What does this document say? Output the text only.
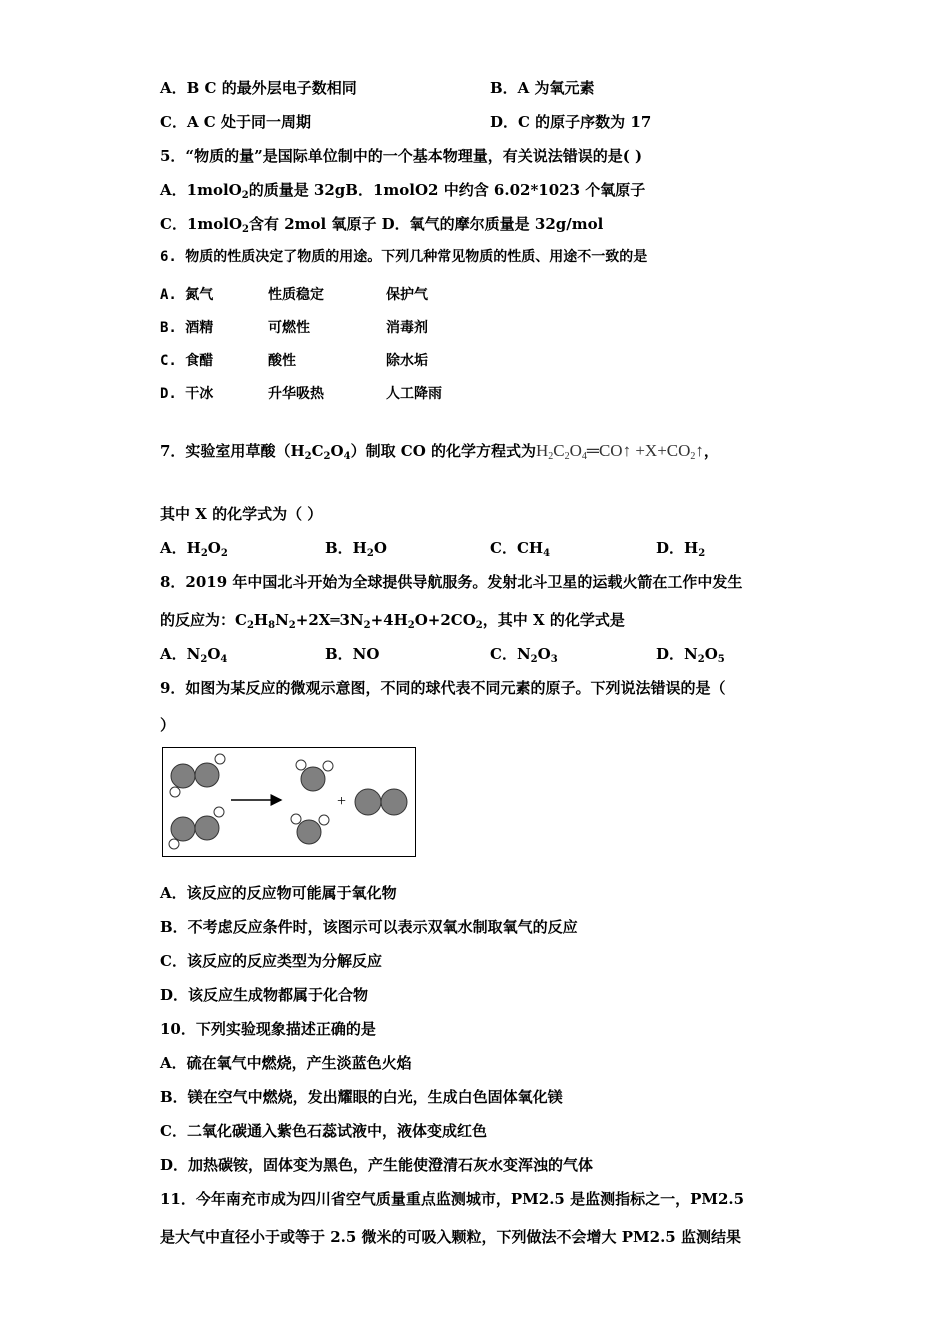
A．B C 的最外层电子数相同	B．A 为氧元素
C．A C 处于同一周期	D．C 的原子序数为 17
5．“物质的量”是国际单位制中的一个基本物理量，有关说法错误的是( )
A．1molO$_2$的质量是 32gB．1molO2 中约含 6.02*1023 个氧原子
C．1molO$_2$含有 2mol 氧原子 D．氧气的摩尔质量是 32g/mol
6. 物质的性质决定了物质的用途。下列几种常见物质的性质、用途不一致的是
A. 氮气	性质稳定	保护气
B. 酒精	可燃性	消毒剂
C. 食醋	酸性	除水垢
D. 干冰	升华吸热	人工降雨
7．实验室用草酸$(H_2C_2O_4)$制取 CO 的化学方程式为$H_2C_2O_4═CO↑$ $+X+CO_2↑$，
其中 X 的化学式为（ ）
A．$H_2O_2$	B．$H_2O$	C．$CH_4$	D．$H_2$
8．2019 年中国北斗开始为全球提供导航服务。发射北斗卫星的运载火箭在工作中发生
的反应为：$C_2H_8N_2+2X═3N_2+4H_2O+2CO_2$，其中 X 的化学式是
A．$N_2O_4$	B．NO	C．$N_2O_3$	D．$N_2O_5$
9．如图为某反应的微观示意图，不同的球代表不同元素的原子。下列说法错误的是（
）
+
A．该反应的反应物可能属于氧化物
B．不考虑反应条件时，该图示可以表示双氧水制取氧气的反应
C．该反应的反应类型为分解反应
D．该反应生成物都属于化合物
10．下列实验现象描述正确的是
A．硫在氧气中燃烧，产生淡蓝色火焰
B．镁在空气中燃烧，发出耀眼的白光，生成白色固体氧化镁
C．二氧化碳通入紫色石蕊试液中，液体变成红色
D．加热碳铵，固体变为黑色，产生能使澄清石灰水变浑浊的气体
11．今年南充市成为四川省空气质量重点监测城市，PM2.5 是监测指标之一，PM2.5
是大气中直径小于或等于 2.5 微米的可吸入颗粒，下列做法不会增大 PM2.5 监测结果
